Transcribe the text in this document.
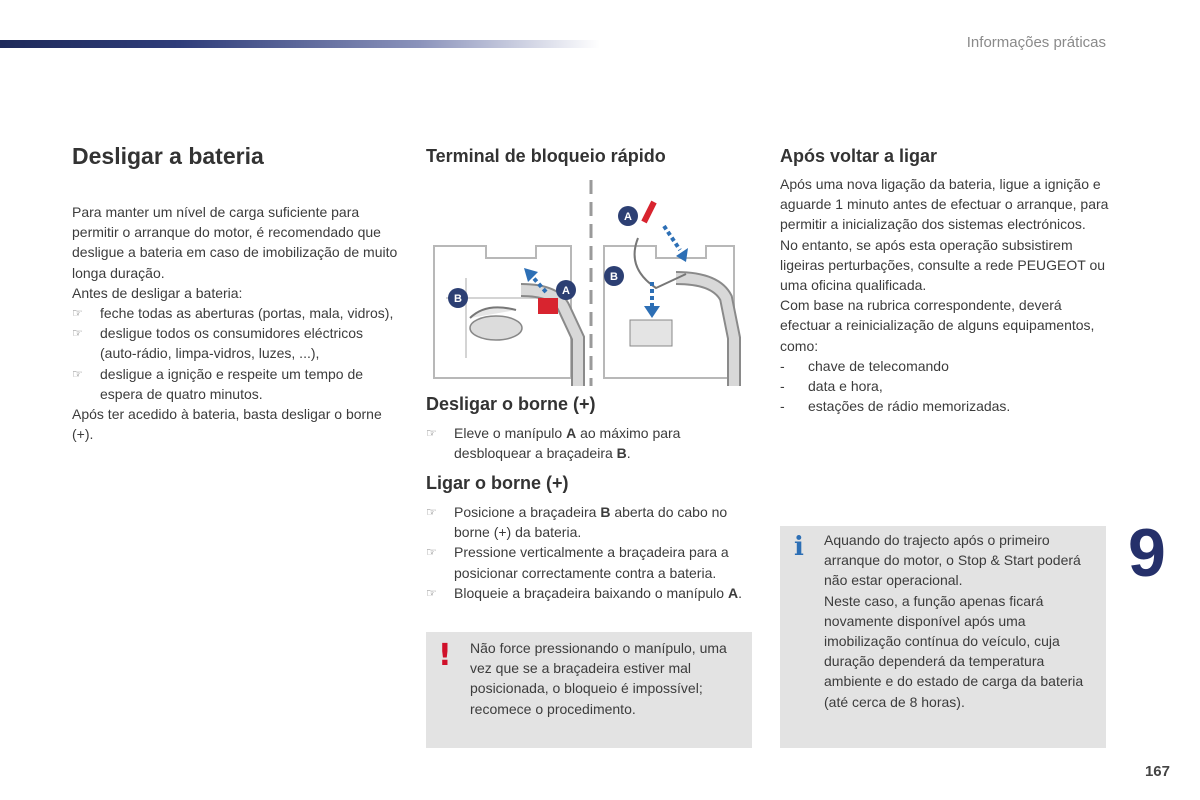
Informações práticas
Desligar a bateria
Para manter um nível de carga suficiente para permitir o arranque do motor, é recomendado que desligue a bateria em caso de imobilização de muito longa duração.
Antes de desligar a bateria:
☞ feche todas as aberturas (portas, mala, vidros),
☞ desligue todos os consumidores eléctricos (auto-rádio, limpa-vidros, luzes, ...),
☞ desligue a ignição e respeite um tempo de espera de quatro minutos.
Após ter acedido à bateria, basta desligar o borne (+).
Terminal de bloqueio rápido
A
B
A
B
Desligar o borne (+)
☞ Eleve o manípulo A ao máximo para desbloquear a braçadeira B.
Ligar o borne (+)
☞ Posicione a braçadeira B aberta do cabo no borne (+) da bateria.
☞ Pressione verticalmente a braçadeira para a posicionar correctamente contra a bateria.
☞ Bloqueie a braçadeira baixando o manípulo A.
! Não force pressionando o manípulo, uma vez que se a braçadeira estiver mal posicionada, o bloqueio é impossível; recomece o procedimento.
Após voltar a ligar
Após uma nova ligação da bateria, ligue a ignição e aguarde 1 minuto antes de efectuar o arranque, para permitir a inicialização dos sistemas electrónicos.
No entanto, se após esta operação subsistirem ligeiras perturbações, consulte a rede PEUGEOT ou uma oficina qualificada.
Com base na rubrica correspondente, deverá efectuar a reinicialização de alguns equipamentos, como:
- chave de telecomando
- data e hora,
- estações de rádio memorizadas.
i Aquando do trajecto após o primeiro arranque do motor, o Stop & Start poderá não estar operacional.
Neste caso, a função apenas ficará novamente disponível após uma imobilização contínua do veículo, cuja duração dependerá da temperatura ambiente e do estado de carga da bateria (até cerca de 8 horas).
9
167
